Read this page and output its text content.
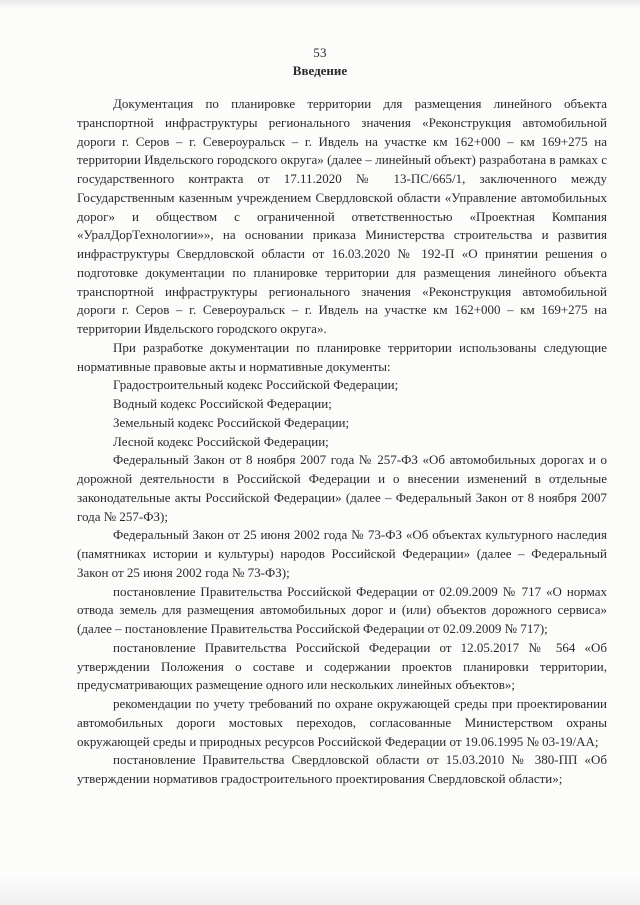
53
Введение

Документация по планировке территории для размещения линейного объекта транспортной инфраструктуры регионального значения «Реконструкция автомобильной дороги г. Серов – г. Североуральск – г. Ивдель на участке км 162+000 – км 169+275 на территории Ивдельского городского округа» (далее – линейный объект) разработана в рамках с государственного контракта от 17.11.2020 № 13-ПС/665/1, заключенного между Государственным казенным учреждением Свердловской области «Управление автомобильных дорог» и обществом с ограниченной ответственностью «Проектная Компания «УралДорТехнологии»», на основании приказа Министерства строительства и развития инфраструктуры Свердловской области от 16.03.2020 № 192-П «О принятии решения о подготовке документации по планировке территории для размещения линейного объекта транспортной инфраструктуры регионального значения «Реконструкция автомобильной дороги г. Серов – г. Североуральск – г. Ивдель на участке км 162+000 – км 169+275 на территории Ивдельского городского округа».

При разработке документации по планировке территории использованы следующие нормативные правовые акты и нормативные документы:

Градостроительный кодекс Российской Федерации;

Водный кодекс Российской Федерации;

Земельный кодекс Российской Федерации;

Лесной кодекс Российской Федерации;

Федеральный Закон от 8 ноября 2007 года № 257-ФЗ «Об автомобильных дорогах и о дорожной деятельности в Российской Федерации и о внесении изменений в отдельные законодательные акты Российской Федерации» (далее – Федеральный Закон от 8 ноября 2007 года № 257-ФЗ);

Федеральный Закон от 25 июня 2002 года № 73-ФЗ «Об объектах культурного наследия (памятниках истории и культуры) народов Российской Федерации» (далее – Федеральный Закон от 25 июня 2002 года № 73-ФЗ);

постановление Правительства Российской Федерации от 02.09.2009 № 717 «О нормах отвода земель для размещения автомобильных дорог и (или) объектов дорожного сервиса» (далее – постановление Правительства Российской Федерации от 02.09.2009 № 717);

постановление Правительства Российской Федерации от 12.05.2017 № 564 «Об утверждении Положения о составе и содержании проектов планировки территории, предусматривающих размещение одного или нескольких линейных объектов»;

рекомендации по учету требований по охране окружающей среды при проектировании автомобильных дороги мостовых переходов, согласованные Министерством охраны окружающей среды и природных ресурсов Российской Федерации от 19.06.1995 № 03-19/АА;

постановление Правительства Свердловской области от 15.03.2010 № 380-ПП «Об утверждении нормативов градостроительного проектирования Свердловской области»;
